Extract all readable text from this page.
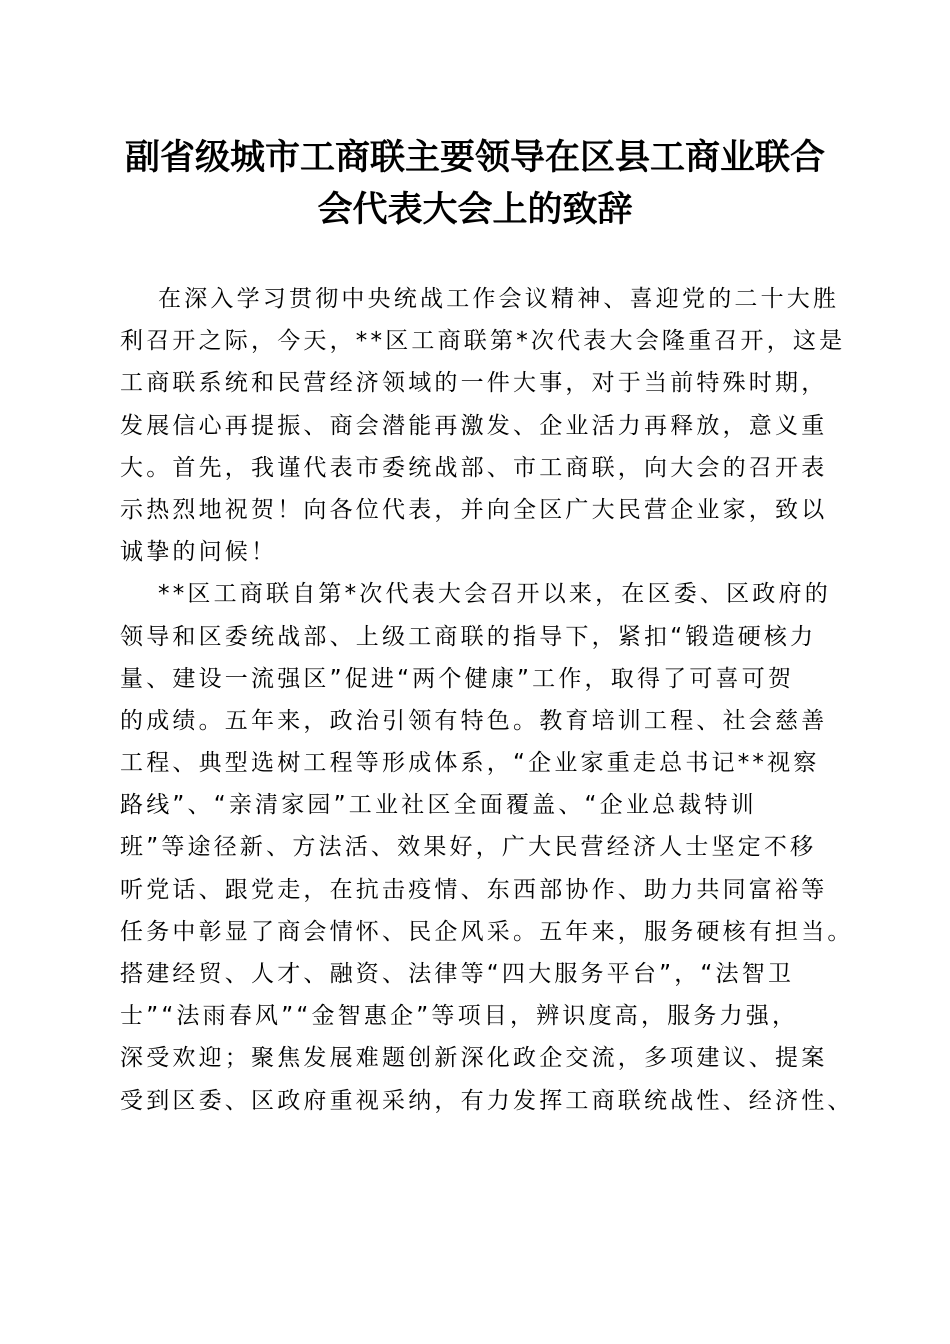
副省级城市工商联主要领导在区县工商业联合
会代表大会上的致辞
在深入学习贯彻中央统战工作会议精神、喜迎党的二十大胜
利召开之际，今天，**区工商联第*次代表大会隆重召开，这是
工商联系统和民营经济领域的一件大事，对于当前特殊时期，
发展信心再提振、商会潜能再激发、企业活力再释放，意义重
大。首先，我谨代表市委统战部、市工商联，向大会的召开表
示热烈地祝贺！向各位代表，并向全区广大民营企业家，致以
诚挚的问候！
**区工商联自第*次代表大会召开以来，在区委、区政府的
领导和区委统战部、上级工商联的指导下，紧扣“锻造硬核力
量、建设一流强区”促进“两个健康”工作，取得了可喜可贺
的成绩。五年来，政治引领有特色。教育培训工程、社会慈善
工程、典型选树工程等形成体系，“企业家重走总书记**视察
路线”、“亲清家园”工业社区全面覆盖、“企业总裁特训
班”等途径新、方法活、效果好，广大民营经济人士坚定不移
听党话、跟党走，在抗击疫情、东西部协作、助力共同富裕等
任务中彰显了商会情怀、民企风采。五年来，服务硬核有担当。
搭建经贸、人才、融资、法律等“四大服务平台”，“法智卫
士”“法雨春风”“金智惠企”等项目，辨识度高，服务力强，
深受欢迎；聚焦发展难题创新深化政企交流，多项建议、提案
受到区委、区政府重视采纳，有力发挥工商联统战性、经济性、
